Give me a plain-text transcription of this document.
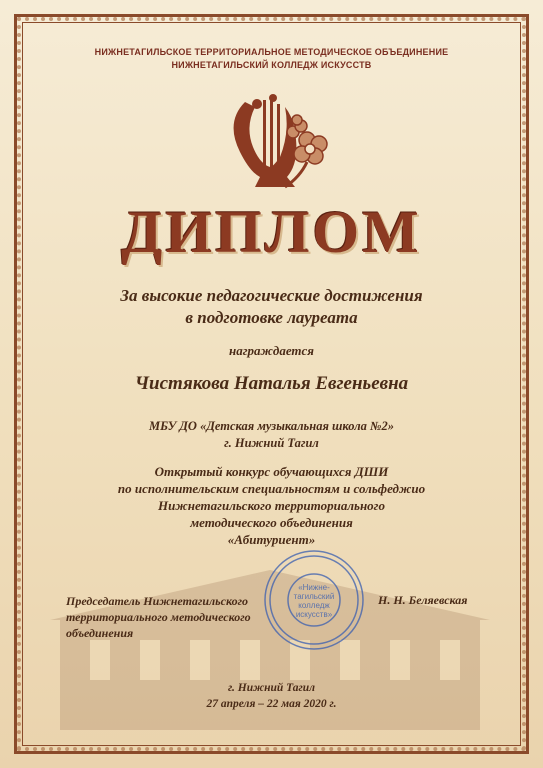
НИЖНЕТАГИЛЬСКОЕ ТЕРРИТОРИАЛЬНОЕ МЕТОДИЧЕСКОЕ ОБЪЕДИНЕНИЕ
НИЖНЕТАГИЛЬСКИЙ КОЛЛЕДЖ ИСКУССТВ
ДИПЛОМ
За высокие педагогические достижения
в подготовке лауреата
награждается
Чистякова Наталья Евгеньевна
МБУ ДО «Детская музыкальная школа №2»
г. Нижний Тагил
Открытый конкурс обучающихся ДШИ
по исполнительским специальностям и сольфеджио
Нижнетагильского территориального
методического объединения
«Абитуриент»
«Нижне-
тагильский
колледж
искусств»
Председатель Нижнетагильского
территориального методического
объединения
Н. Н. Беляевская
г. Нижний Тагил
27 апреля – 22 мая 2020 г.
